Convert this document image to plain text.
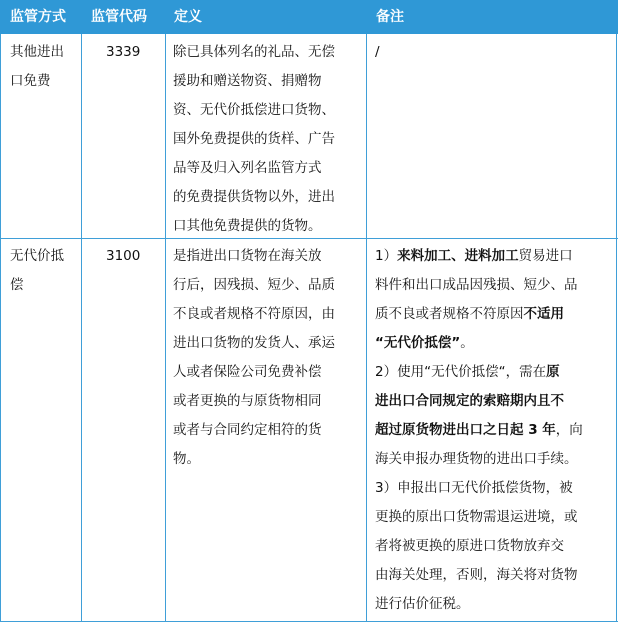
监管方式 监管代码 定义	备注
其他进出
口免费
3339 除已具体列名的礼品、无偿
援助和赠送物资、捐赠物
资、无代价抵偿进口货物、
国外免费提供的货样、广告
品等及归入列名监管方式
的免费提供货物以外，进出
口其他免费提供的货物。
/
无代价抵
偿
3100 是指进出口货物在海关放
行后，因残损、短少、品质
不良或者规格不符原因，由
进出口货物的发货人、承运
人或者保险公司免费补偿
或者更换的与原货物相同
或者与合同约定相符的货
物。
1）来料加工、进料加工贸易进口
料件和出口成品因残损、短少、品
质不良或者规格不符原因不适用
“无代价抵偿”。
2）使用“无代价抵偿“，需在原
进出口合同规定的索赔期内且不
超过原货物进出口之日起 3 年，向
海关申报办理货物的进出口手续。
3）申报出口无代价抵偿货物，被
更换的原出口货物需退运进境，或
者将被更换的原进口货物放弃交
由海关处理，否则，海关将对货物
进行估价征税。
